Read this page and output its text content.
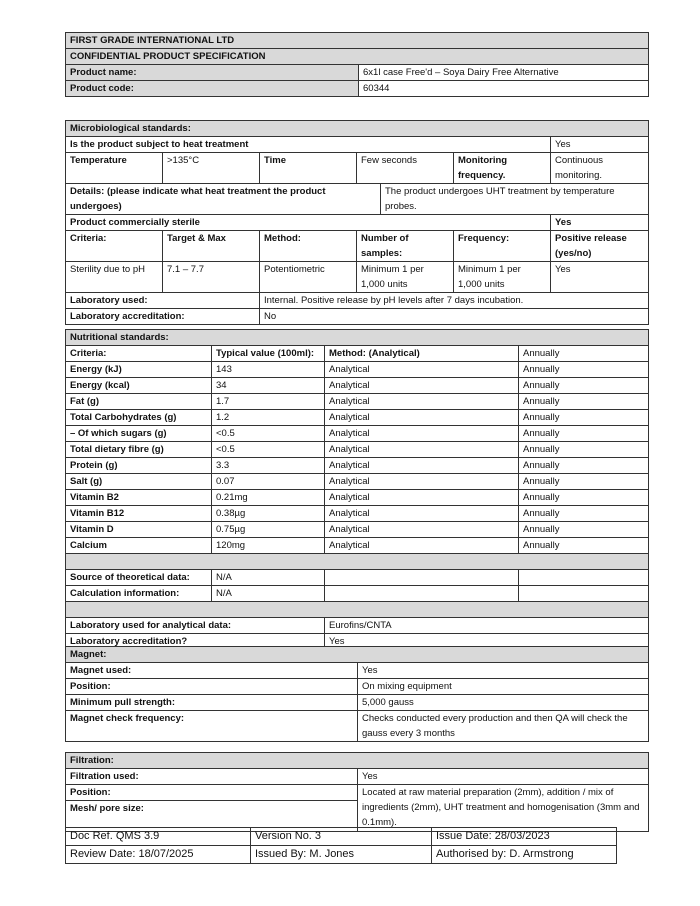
FIRST GRADE INTERNATIONAL LTD	
CONFIDENTIAL PRODUCT SPECIFICATION	
Product name:	6x1l case Free'd – Soya Dairy Free Alternative
Product code:	60344
Microbiological standards:						
Is the product subject to heat treatment						Yes
Temperature	>135°C	Time	Few seconds		Monitoring frequency.	Continuous monitoring.
Details: (please indicate what heat treatment the product undergoes)				The product undergoes UHT treatment by temperature probes.		
Product commercially sterile						Yes
Criteria:	Target & Max	Method:	Number of samples:		Frequency:	Positive release (yes/no)
Sterility due to pH	7.1 – 7.7	Potentiometric	Minimum 1 per 1,000 units		Minimum 1 per 1,000 units	Yes
Laboratory used:		Internal. Positive release by pH levels after 7 days incubation.				
Laboratory accreditation:		No				
Nutritional standards:			
Criteria:	Typical value (100ml):	Method: (Analytical)	Annually
Energy (kJ)	143	Analytical	Annually
Energy (kcal)	34	Analytical	Annually
Fat (g)	1.7	Analytical	Annually
Total Carbohydrates (g)	1.2	Analytical	Annually
– Of which sugars (g)	<0.5	Analytical	Annually
Total dietary fibre (g)	<0.5	Analytical	Annually
Protein (g)	3.3	Analytical	Annually
Salt (g)	0.07	Analytical	Annually
Vitamin B2	0.21mg	Analytical	Annually
Vitamin B12	0.38µg	Analytical	Annually
Vitamin D	0.75µg	Analytical	Annually
Calcium	120mg	Analytical	Annually

Source of theoretical data:	N/A		
Calculation information:	N/A		

Laboratory used for analytical data:		Eurofins/CNTA	
Laboratory accreditation?		Yes	
Magnet:	
Magnet used:	Yes
Position:	On mixing equipment
Minimum pull strength:	5,000 gauss
Magnet check frequency:	Checks conducted every production and then QA will check the gauss every 3 months
Filtration:	
Filtration used:	Yes
Position:	Located at raw material preparation (2mm), addition / mix of ingredients (2mm), UHT treatment and homogenisation (3mm and 0.1mm).
Mesh/ pore size:	
Doc Ref. QMS 3.9	Version No. 3	Issue Date: 28/03/2023
Review Date: 18/07/2025	Issued By: M. Jones	Authorised by: D. Armstrong
